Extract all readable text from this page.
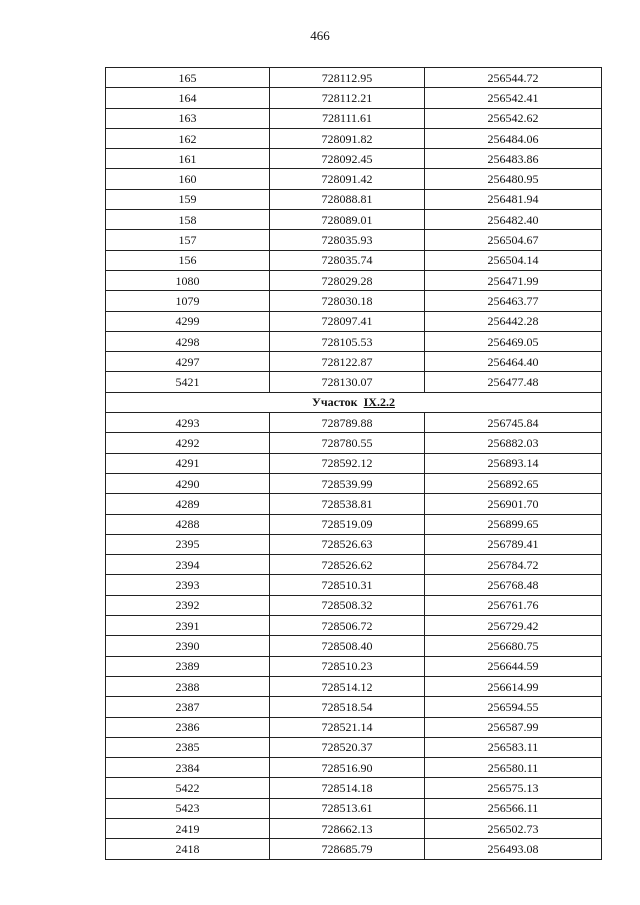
466
165	728112.95	256544.72
164	728112.21	256542.41
163	728111.61	256542.62
162	728091.82	256484.06
161	728092.45	256483.86
160	728091.42	256480.95
159	728088.81	256481.94
158	728089.01	256482.40
157	728035.93	256504.67
156	728035.74	256504.14
1080	728029.28	256471.99
1079	728030.18	256463.77
4299	728097.41	256442.28
4298	728105.53	256469.05
4297	728122.87	256464.40
5421	728130.07	256477.48
Участок IX.2.2		
4293	728789.88	256745.84
4292	728780.55	256882.03
4291	728592.12	256893.14
4290	728539.99	256892.65
4289	728538.81	256901.70
4288	728519.09	256899.65
2395	728526.63	256789.41
2394	728526.62	256784.72
2393	728510.31	256768.48
2392	728508.32	256761.76
2391	728506.72	256729.42
2390	728508.40	256680.75
2389	728510.23	256644.59
2388	728514.12	256614.99
2387	728518.54	256594.55
2386	728521.14	256587.99
2385	728520.37	256583.11
2384	728516.90	256580.11
5422	728514.18	256575.13
5423	728513.61	256566.11
2419	728662.13	256502.73
2418	728685.79	256493.08
